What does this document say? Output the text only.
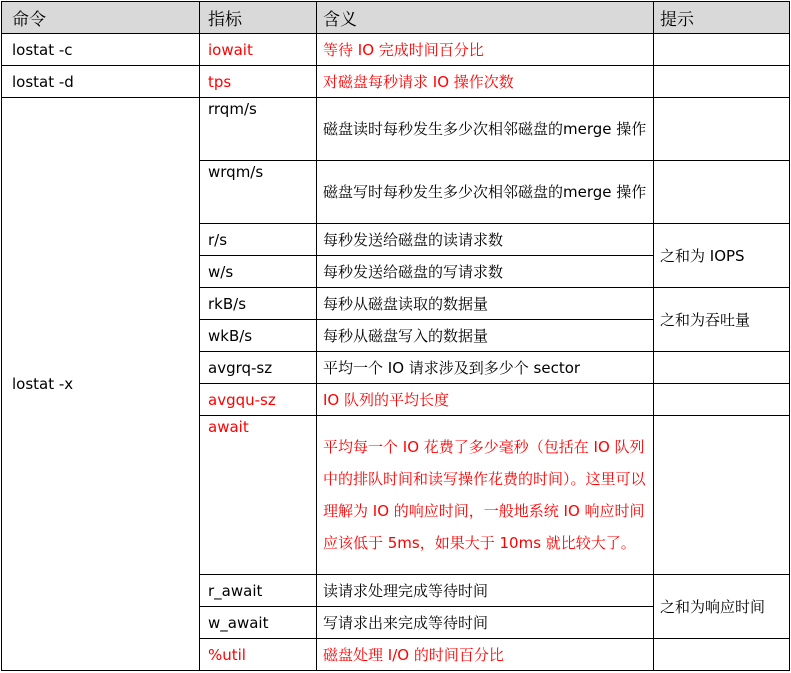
命令	指标	含义	提示
lostat -c	iowait	等待 IO 完成时间百分比	
lostat -d	tps	对磁盘每秒请求 IO 操作次数	
lostat -x	rrqm/s	磁盘读时每秒发生多少次相邻磁盘的merge 操作	
	wrqm/s	磁盘写时每秒发生多少次相邻磁盘的merge 操作	
	r/s	每秒发送给磁盘的读请求数	之和为 IOPS
	w/s	每秒发送给磁盘的写请求数	
	rkB/s	每秒从磁盘读取的数据量	之和为吞吐量
	wkB/s	每秒从磁盘写入的数据量	
	avgrq-sz	平均一个 IO 请求涉及到多少个 sector	
	avgqu-sz	IO 队列的平均长度	
	await	平均每一个 IO 花费了多少毫秒（包括在 IO 队列中的排队时间和读写操作花费的时间）。这里可以理解为 IO 的响应时间，一般地系统 IO 响应时间应该低于 5ms，如果大于 10ms 就比较大了。	
	r_await	读请求处理完成等待时间	之和为响应时间
	w_await	写请求出来完成等待时间	
	%util	磁盘处理 I/O 的时间百分比	
